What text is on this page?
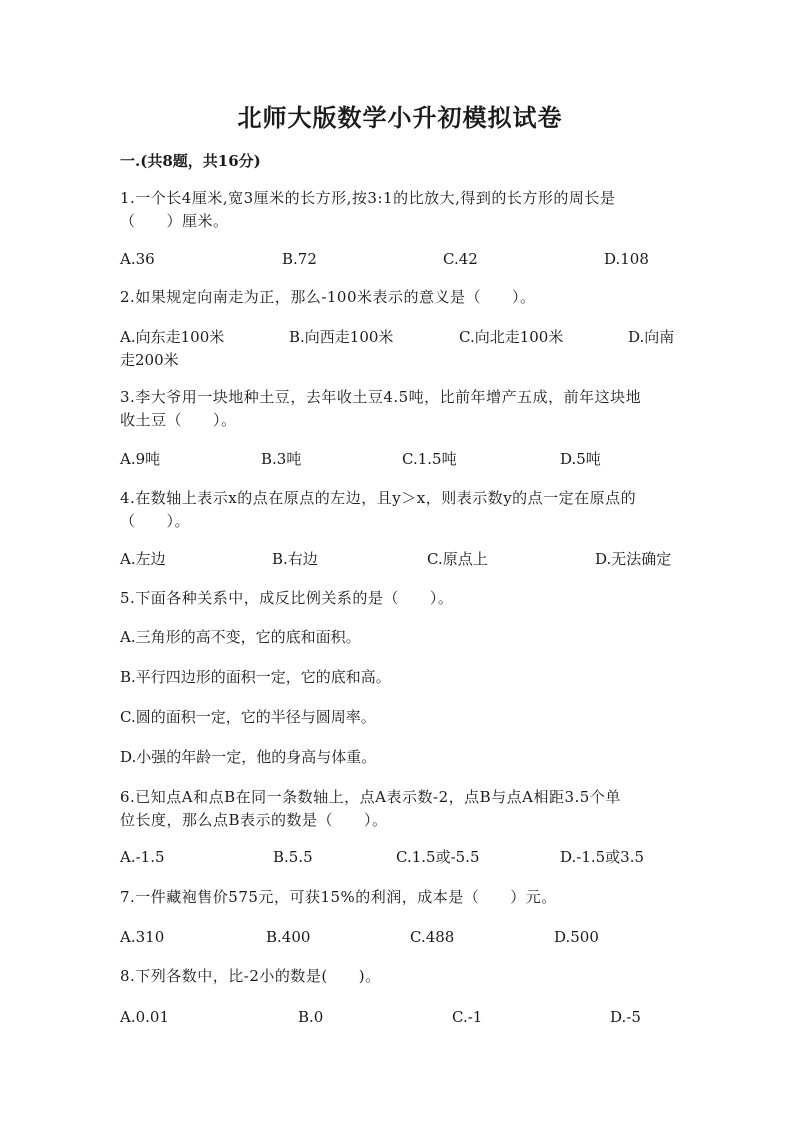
北师大版数学小升初模拟试卷
一.(共8题，共16分)
1.一个长4厘米,宽3厘米的长方形,按3:1的比放大,得到的长方形的周长是
（　　）厘米。
A.36	B.72	C.42	D.108
2.如果规定向南走为正，那么-100米表示的意义是（　　）。
A.向东走100米	B.向西走100米	C.向北走100米	D.向南
走200米
3.李大爷用一块地种土豆，去年收土豆4.5吨，比前年增产五成，前年这块地
收土豆（　　）。
A.9吨	B.3吨	C.1.5吨	D.5吨
4.在数轴上表示x的点在原点的左边，且y＞x，则表示数y的点一定在原点的
（　　）。
A.左边	B.右边	C.原点上	D.无法确定
5.下面各种关系中，成反比例关系的是（　　）。
A.三角形的高不变，它的底和面积。
B.平行四边形的面积一定，它的底和高。
C.圆的面积一定，它的半径与圆周率。
D.小强的年龄一定，他的身高与体重。
6.已知点A和点B在同一条数轴上，点A表示数-2，点B与点A相距3.5个单
位长度，那么点B表示的数是（　　）。
A.-1.5	B.5.5	C.1.5或-5.5	D.-1.5或3.5
7.一件藏袍售价575元，可获15%的利润，成本是（　　）元。
A.310	B.400	C.488	D.500
8.下列各数中，比-2小的数是(　　)。
A.0.01	B.0	C.-1	D.-5
